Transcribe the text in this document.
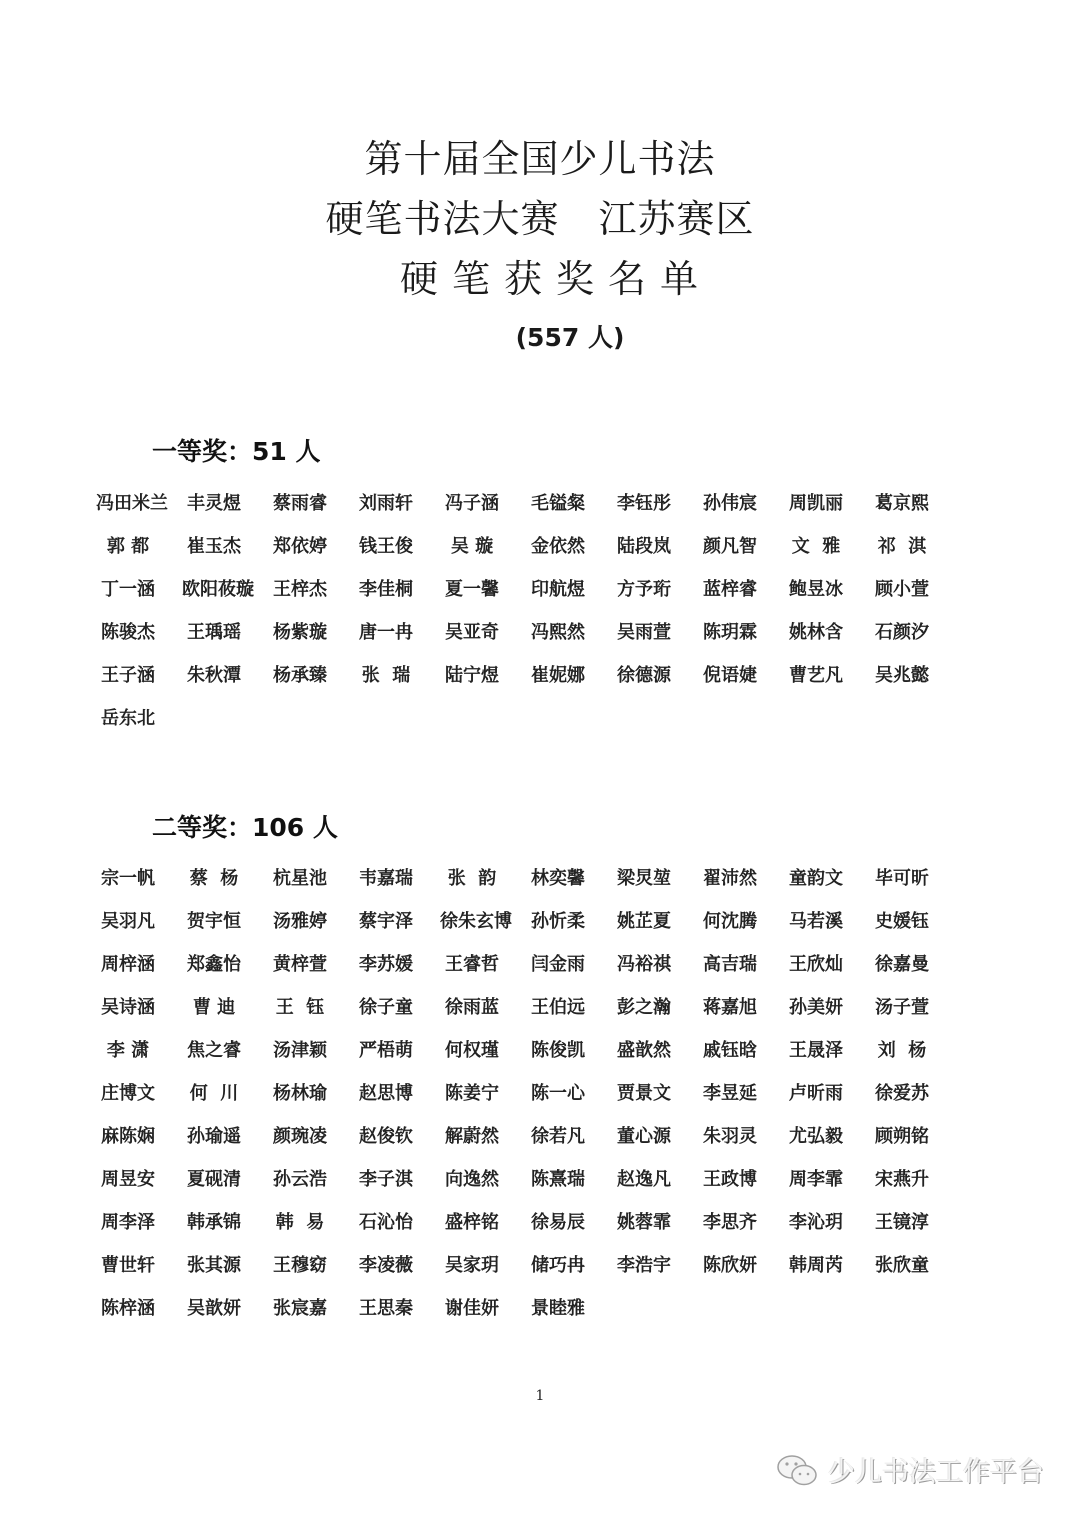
第十届全国少儿书法
硬笔书法大赛　江苏赛区
硬笔获奖名单
(557 人)
一等奖：51 人
冯田米兰 丰灵煜 蔡雨睿 刘雨轩 冯子涵 毛镒粲 李钰彤 孙伟宸 周凯丽 葛京熙
郭 都	崔玉杰 郑依婷 钱王俊	吴 璇	金依然 陆段岚 颜凡智	文  雅	祁  淇
丁一涵 欧阳莜璇 王梓杰 李佳桐 夏一馨 印航煜 方予珩 蓝梓睿 鲍昱冰 顾小萱
陈骏杰 王瑀瑶 杨紫璇 唐一冉 吴亚奇 冯熙然 吴雨萱 陈玥霖 姚林含 石颜汐
王子涵 朱秋潭 杨承臻	张  瑞	陆宁煜 崔妮娜 徐德源 倪语婕 曹艺凡 吴兆懿
岳东北
二等奖：106 人
宗一帆	蔡  杨	杭星池 韦嘉瑞	张  韵	林奕馨 梁炅堃 翟沛然 童韵文 毕可昕
吴羽凡 贺宇恒 汤雅婷 蔡宇泽 徐朱玄博 孙忻柔 姚芷夏 何沈腾 马若溪 史媛钰
周梓涵 郑鑫怡 黄梓萱 李苏媛 王睿哲 闫金雨 冯裕祺 高吉瑞 王欣灿 徐嘉曼
吴诗涵	曹 迪	王  钰	徐子童 徐雨蓝 王伯远 彭之瀚 蒋嘉旭 孙美妍 汤子萱
李 潇	焦之睿 汤津颖 严梧萌 何权瑾 陈俊凯 盛歆然 戚钰晗 王晟泽	刘  杨
庄博文	何  川	杨林瑜 赵思博 陈姜宁 陈一心 贾景文 李昱延 卢昕雨 徐爱苏
麻陈娴 孙瑜遥 颜琬凌 赵俊钦 解蔚然 徐若凡 董心源 朱羽灵 尤弘毅 顾朔铭
周昱安 夏砚清 孙云浩 李子淇 向逸然 陈熹瑞 赵逸凡 王政博 周李霏 宋燕升
周李泽 韩承锦	韩  易	石沁怡 盛梓铭 徐易辰 姚蓉霏 李思齐 李沁玥 王镜淳
曹世轩 张其源 王穆窈 李凌薇 吴家玥 储巧冉 李浩宇 陈欣妍 韩周芮 张欣童
陈梓涵 吴歆妍 张宸嘉 王思秦 谢佳妍 景睦雅
1
少儿书法工作平台
